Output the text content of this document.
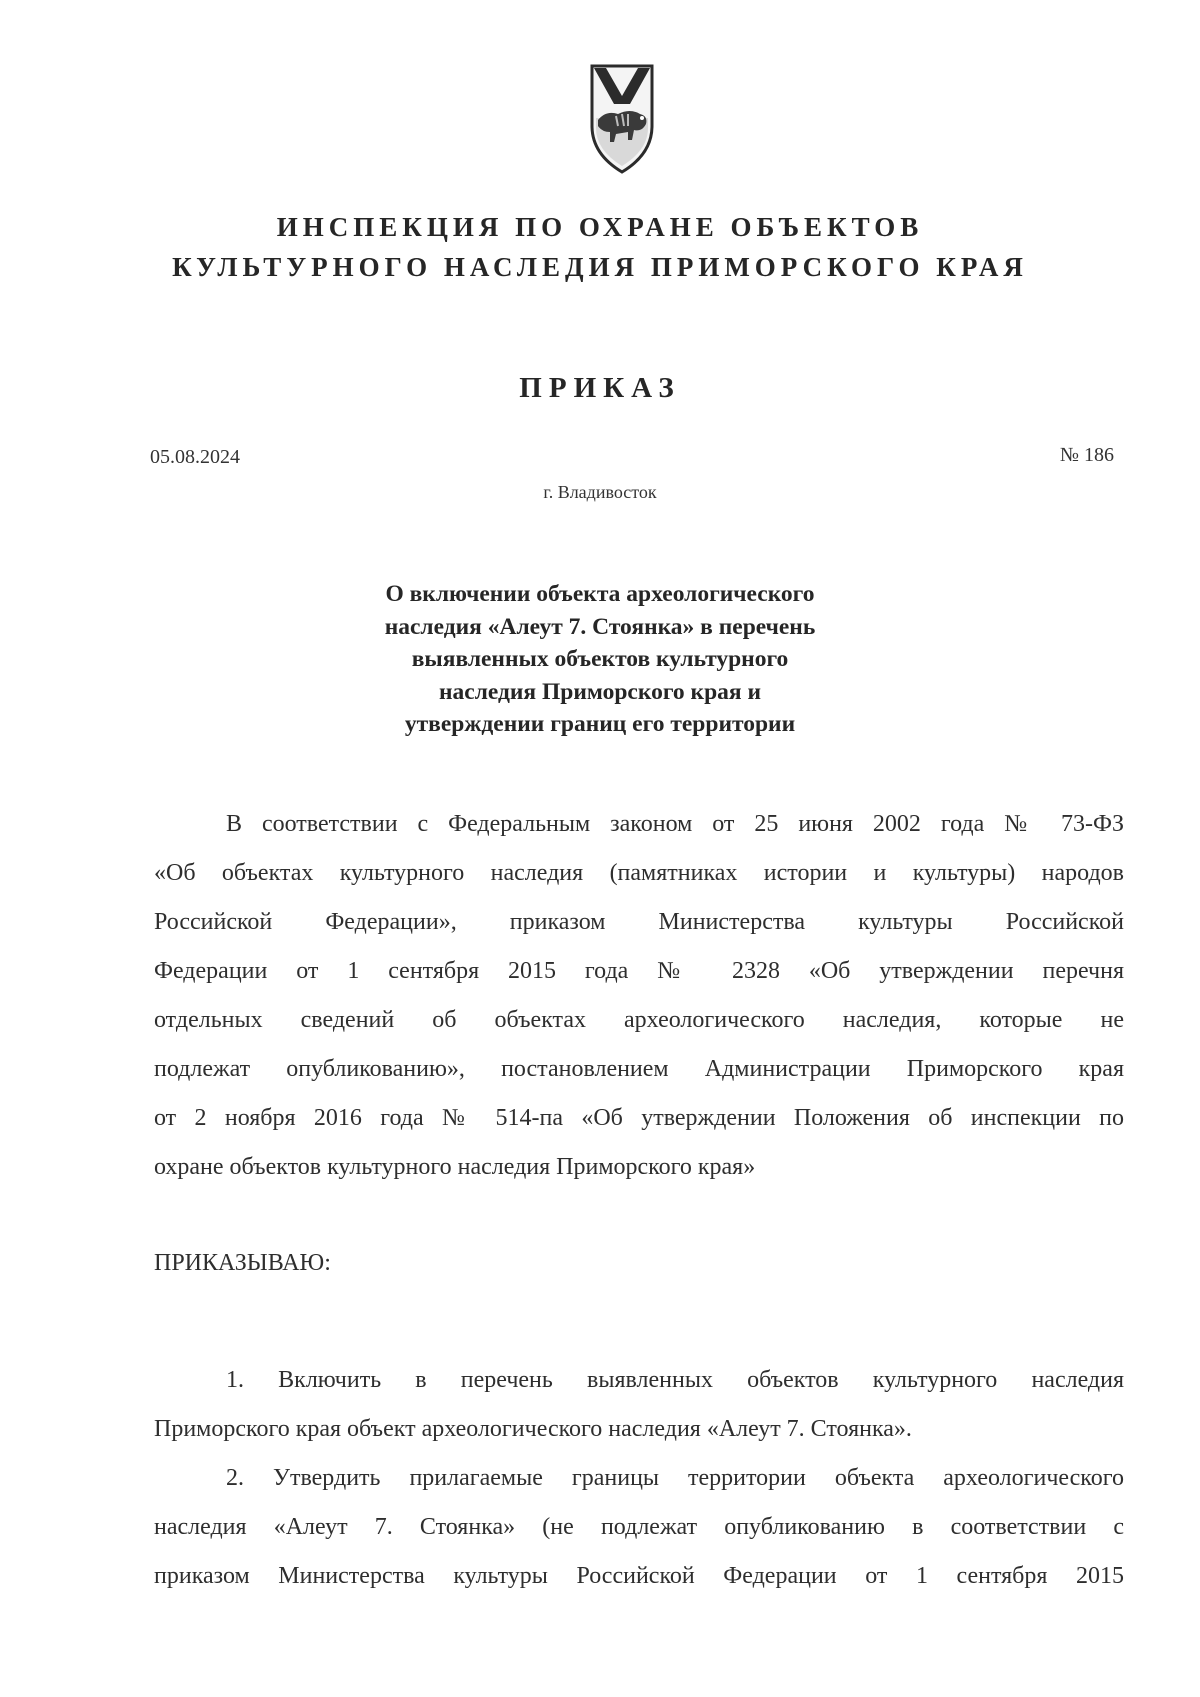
ИНСПЕКЦИЯ ПО ОХРАНЕ ОБЪЕКТОВ
КУЛЬТУРНОГО НАСЛЕДИЯ ПРИМОРСКОГО КРАЯ
ПРИКАЗ
05.08.2024	№ 186
г. Владивосток
О включении объекта археологического
наследия «Алеут 7. Стоянка» в перечень
выявленных объектов культурного
наследия Приморского края и
утверждении границ его территории
В соответствии с Федеральным законом от 25 июня 2002 года № 73-ФЗ
«Об объектах культурного наследия (памятниках истории и культуры) народов
Российской Федерации», приказом Министерства культуры Российской
Федерации от 1 сентября 2015 года № 2328 «Об утверждении перечня
отдельных сведений об объектах археологического наследия, которые не
подлежат опубликованию», постановлением Администрации Приморского края
от 2 ноября 2016 года № 514-па «Об утверждении Положения об инспекции по
охране объектов культурного наследия Приморского края»
ПРИКАЗЫВАЮ:
1. Включить в перечень выявленных объектов культурного наследия
Приморского края объект археологического наследия «Алеут 7. Стоянка».
2. Утвердить прилагаемые границы территории объекта археологического
наследия «Алеут 7. Стоянка» (не подлежат опубликованию в соответствии с
приказом Министерства культуры Российской Федерации от 1 сентября 2015
